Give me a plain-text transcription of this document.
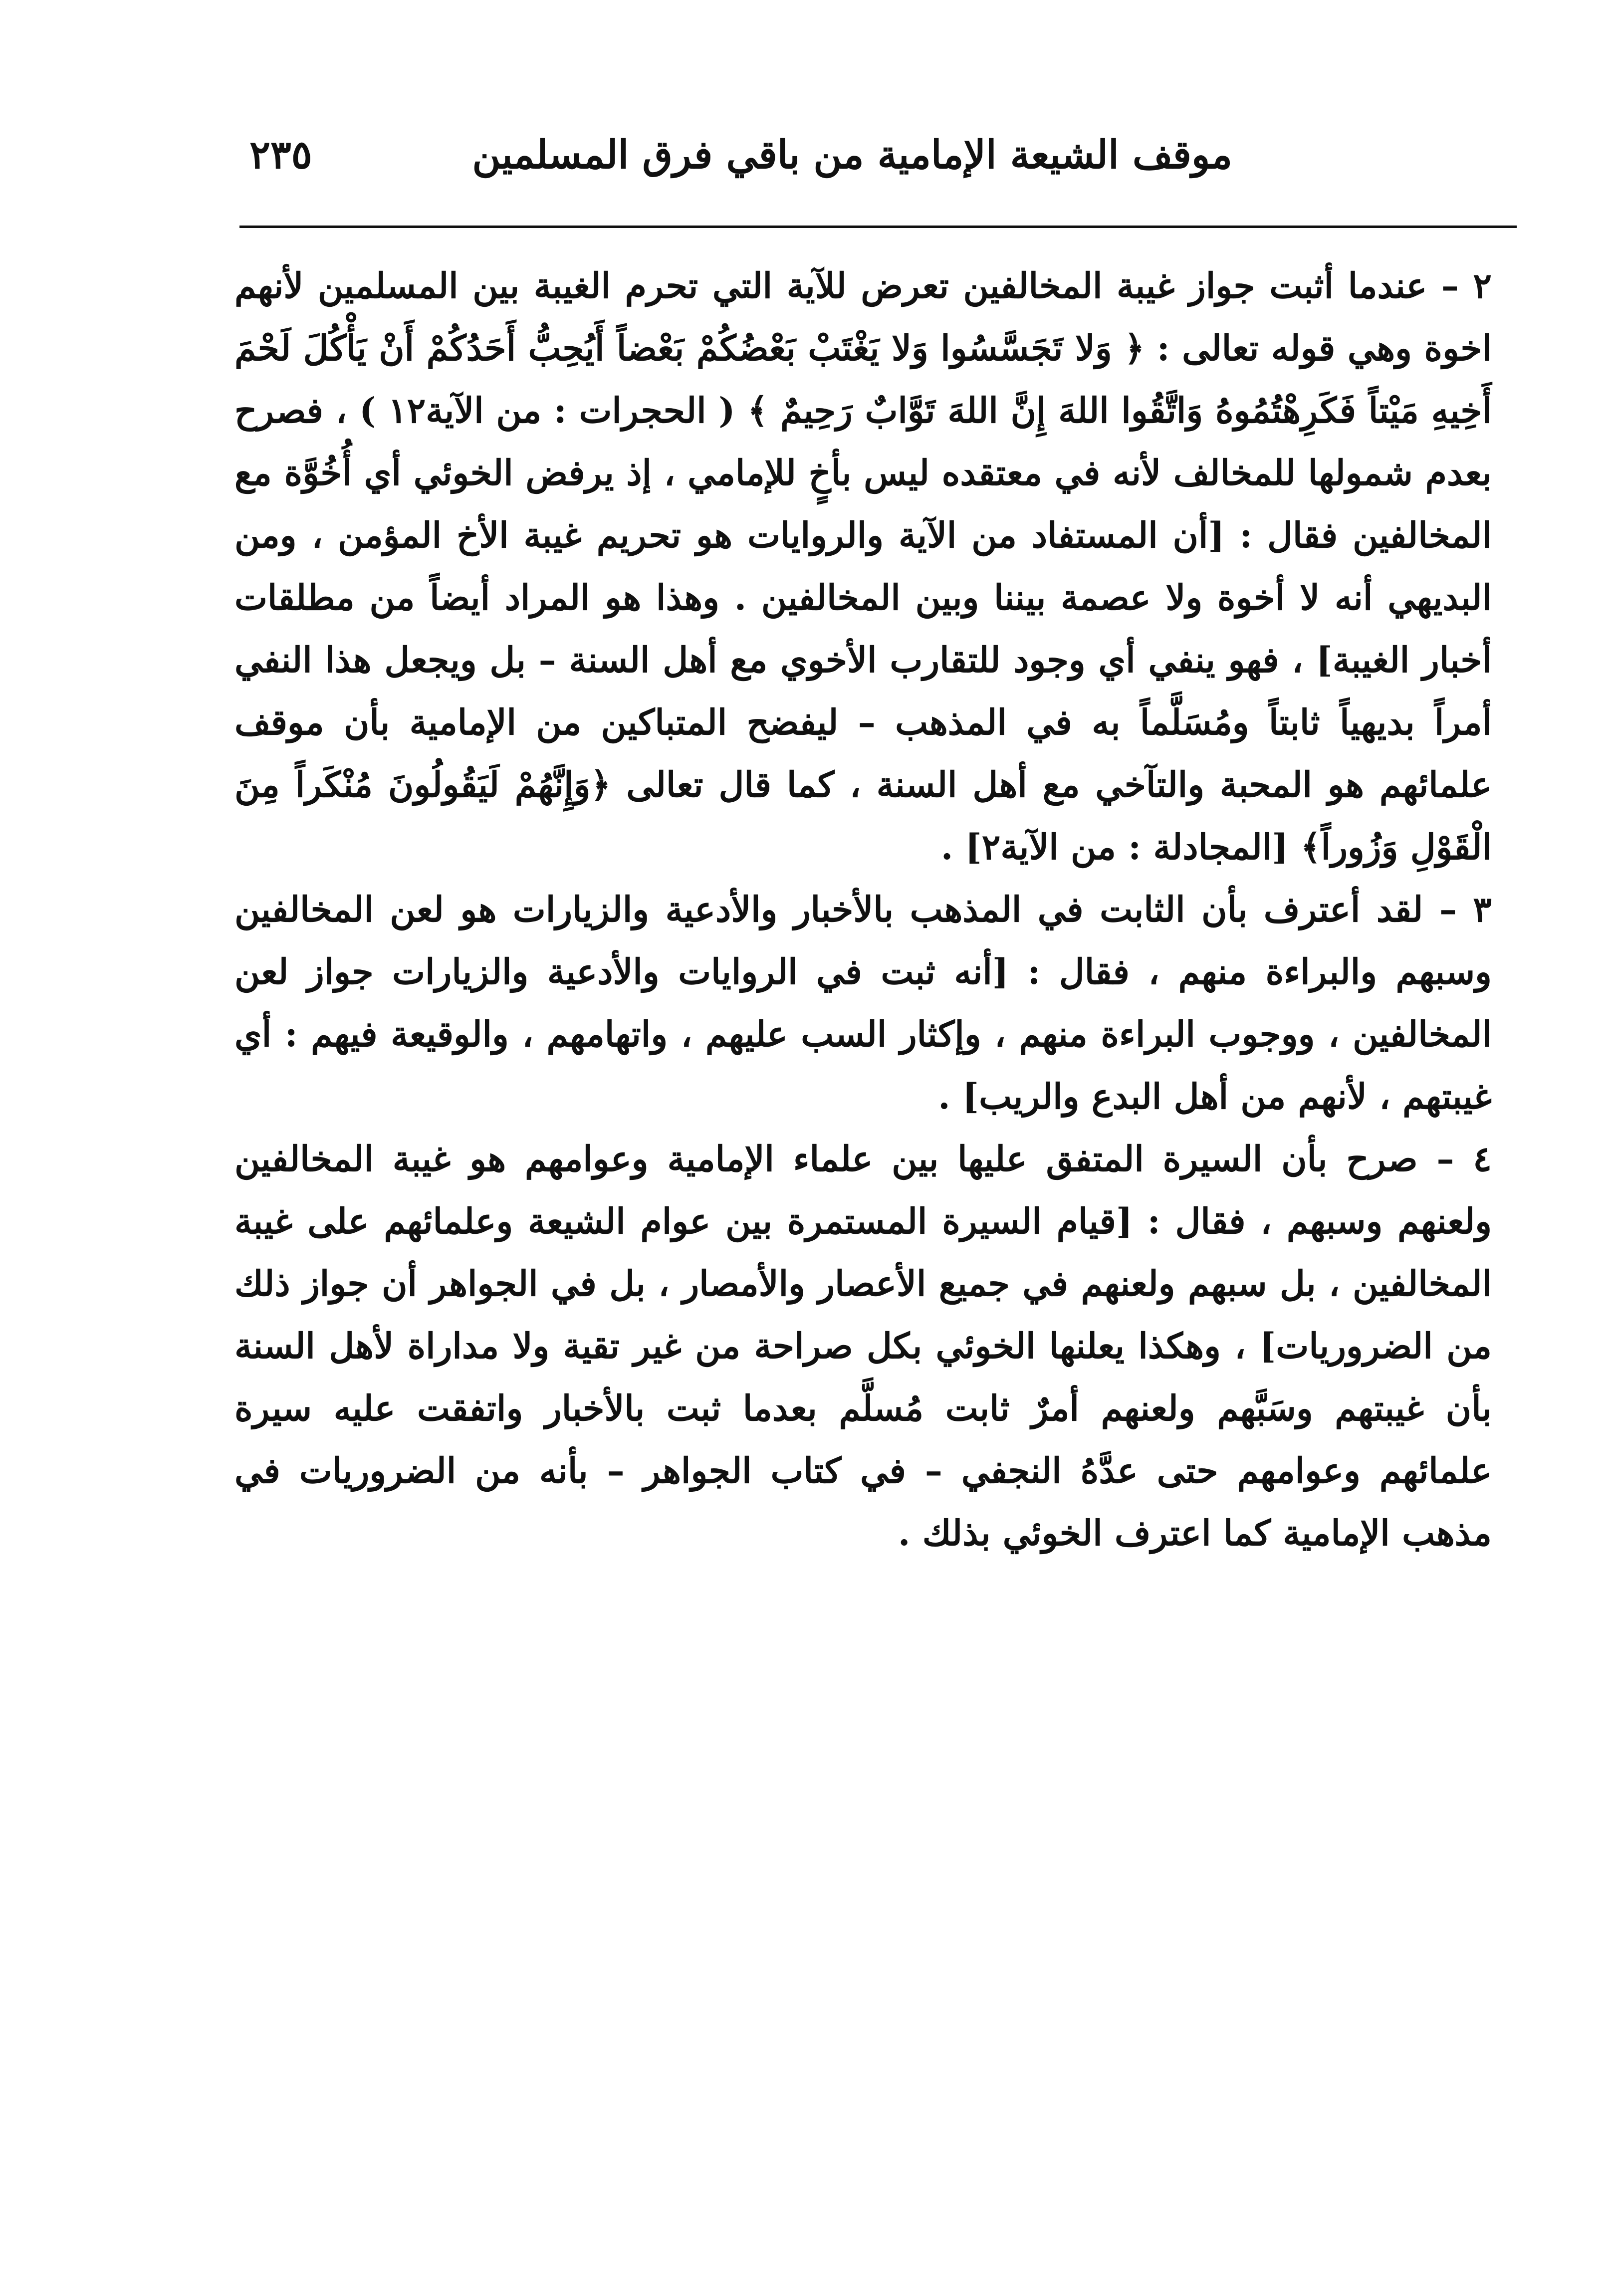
موقف الشيعة الإمامية من باقي فرق المسلمين
٢٣٥

٢ – عندما أثبت جواز غيبة المخالفين تعرض للآية التي تحرم الغيبة بين المسلمين لأنهم اخوة وهي قوله تعالى : ﴿ وَلا تَجَسَّسُوا وَلا يَغْتَبْ بَعْضُكُمْ بَعْضاً أَيُحِبُّ أَحَدُكُمْ أَنْ يَأْكُلَ لَحْمَ أَخِيهِ مَيْتاً فَكَرِهْتُمُوهُ وَاتَّقُوا اللهَ إِنَّ اللهَ تَوَّابٌ رَحِيمٌ ﴾ ( الحجرات : من الآية١٢ ) ، فصرح بعدم شمولها للمخالف لأنه في معتقده ليس بأخٍ للإمامي ، إذ يرفض الخوئي أي أُخُوَّة مع المخالفين فقال : [أن المستفاد من الآية والروايات هو تحريم غيبة الأخ المؤمن ، ومن البديهي أنه لا أخوة ولا عصمة بيننا وبين المخالفين . وهذا هو المراد أيضاً من مطلقات أخبار الغيبة] ، فهو ينفي أي وجود للتقارب الأخوي مع أهل السنة – بل ويجعل هذا النفي أمراً بديهياً ثابتاً ومُسَلَّماً به في المذهب – ليفضح المتباكين من الإمامية بأن موقف علمائهم هو المحبة والتآخي مع أهل السنة ، كما قال تعالى ﴿وَإِنَّهُمْ لَيَقُولُونَ مُنْكَراً مِنَ الْقَوْلِ وَزُوراً﴾ [المجادلة : من الآية٢] .

٣ – لقد أعترف بأن الثابت في المذهب بالأخبار والأدعية والزيارات هو لعن المخالفين وسبهم والبراءة منهم ، فقال : [أنه ثبت في الروايات والأدعية والزيارات جواز لعن المخالفين ، ووجوب البراءة منهم ، وإكثار السب عليهم ، واتهامهم ، والوقيعة فيهم : أي غيبتهم ، لأنهم من أهل البدع والريب] .

٤ – صرح بأن السيرة المتفق عليها بين علماء الإمامية وعوامهم هو غيبة المخالفين ولعنهم وسبهم ، فقال : [قيام السيرة المستمرة بين عوام الشيعة وعلمائهم على غيبة المخالفين ، بل سبهم ولعنهم في جميع الأعصار والأمصار ، بل في الجواهر أن جواز ذلك من الضروريات] ، وهكذا يعلنها الخوئي بكل صراحة من غير تقية ولا مداراة لأهل السنة بأن غيبتهم وسَبَّهم ولعنهم أمرٌ ثابت مُسلَّم بعدما ثبت بالأخبار واتفقت عليه سيرة علمائهم وعوامهم حتى عدَّهُ النجفي – في كتاب الجواهر – بأنه من الضروريات في مذهب الإمامية كما اعترف الخوئي بذلك .
